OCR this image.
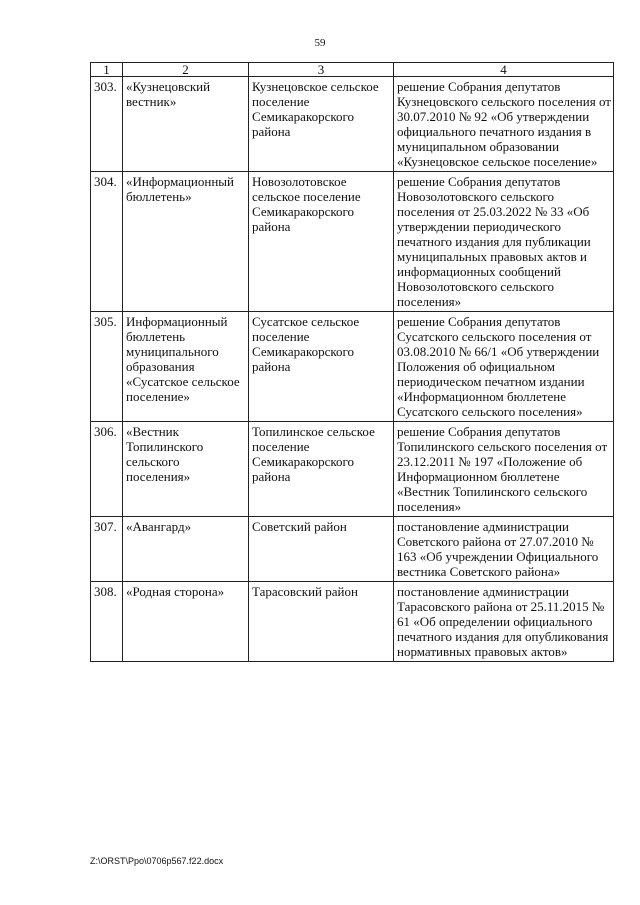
59
1	2	3	4
303.	«Кузнецовский вестник»	Кузнецовское сельское поселение Семикаракорского района	решение Собрания депутатов Кузнецовского сельского поселения от 30.07.2010 № 92 «Об утверждении официального печатного издания в муниципальном образовании «Кузнецовское сельское поселение»
304.	«Информационный бюллетень»	Новозолотовское сельское поселение Семикаракорского района	решение Собрания депутатов Новозолотовского сельского поселения от 25.03.2022 № 33 «Об утверждении периодического печатного издания для публикации муниципальных правовых актов и информационных сообщений Новозолотовского сельского поселения»
305.	Информационный бюллетень муниципального образования «Сусатское сельское поселение»	Сусатское сельское поселение Семикаракорского района	решение Собрания депутатов Сусатского сельского поселения от 03.08.2010 № 66/1 «Об утверждении Положения об официальном периодическом печатном издании «Информационном бюллетене Сусатского сельского поселения»
306.	«Вестник Топилинского сельского поселения»	Топилинское сельское поселение Семикаракорского района	решение Собрания депутатов Топилинского сельского поселения от 23.12.2011 № 197 «Положение об Информационном бюллетене «Вестник Топилинского сельского поселения»
307.	«Авангард»	Советский район	постановление администрации Советского района от 27.07.2010 № 163 «Об учреждении Официального вестника Советского района»
308.	«Родная сторона»	Тарасовский район	постановление администрации Тарасовского района от 25.11.2015 № 61 «Об определении официального печатного издания для опубликования нормативных правовых актов»
Z:\ORST\Ppo\0706p567.f22.docx
